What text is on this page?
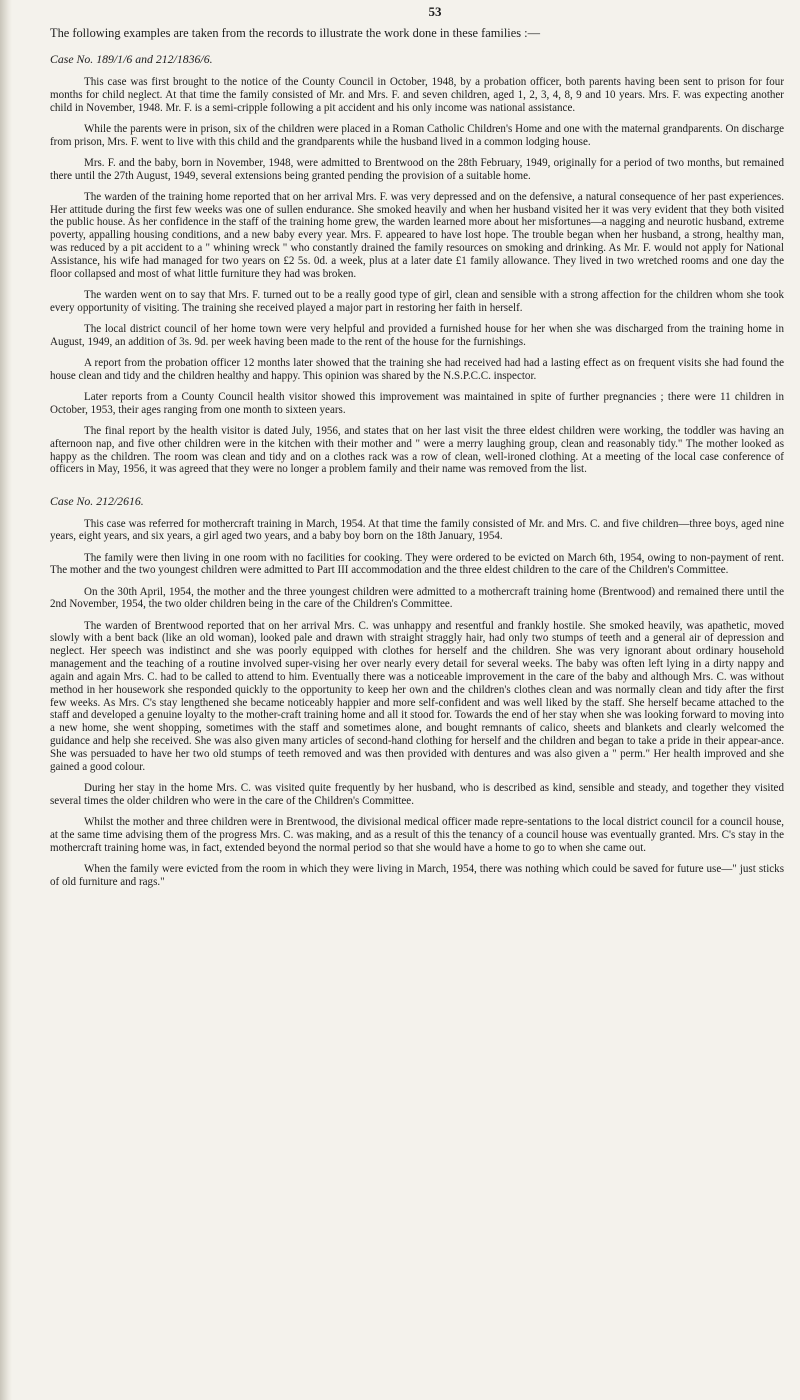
53

The following examples are taken from the records to illustrate the work done in these families :—

Case No. 189/1/6 and 212/1836/6.

This case was first brought to the notice of the County Council in October, 1948, by a probation officer, both parents having been sent to prison for four months for child neglect. At that time the family consisted of Mr. and Mrs. F. and seven children, aged 1, 2, 3, 4, 8, 9 and 10 years. Mrs. F. was expecting another child in November, 1948. Mr. F. is a semi-cripple following a pit accident and his only income was national assistance.

While the parents were in prison, six of the children were placed in a Roman Catholic Children's Home and one with the maternal grandparents. On discharge from prison, Mrs. F. went to live with this child and the grandparents while the husband lived in a common lodging house.

Mrs. F. and the baby, born in November, 1948, were admitted to Brentwood on the 28th February, 1949, originally for a period of two months, but remained there until the 27th August, 1949, several extensions being granted pending the provision of a suitable home.

The warden of the training home reported that on her arrival Mrs. F. was very depressed and on the defensive, a natural consequence of her past experiences. Her attitude during the first few weeks was one of sullen endurance. She smoked heavily and when her husband visited her it was very evident that they both visited the public house. As her confidence in the staff of the training home grew, the warden learned more about her misfortunes—a nagging and neurotic husband, extreme poverty, appalling housing conditions, and a new baby every year. Mrs. F. appeared to have lost hope. The trouble began when her husband, a strong, healthy man, was reduced by a pit accident to a " whining wreck " who constantly drained the family resources on smoking and drinking. As Mr. F. would not apply for National Assistance, his wife had managed for two years on £2 5s. 0d. a week, plus at a later date £1 family allowance. They lived in two wretched rooms and one day the floor collapsed and most of what little furniture they had was broken.

The warden went on to say that Mrs. F. turned out to be a really good type of girl, clean and sensible with a strong affection for the children whom she took every opportunity of visiting. The training she received played a major part in restoring her faith in herself.

The local district council of her home town were very helpful and provided a furnished house for her when she was discharged from the training home in August, 1949, an addition of 3s. 9d. per week having been made to the rent of the house for the furnishings.

A report from the probation officer 12 months later showed that the training she had received had had a lasting effect as on frequent visits she had found the house clean and tidy and the children healthy and happy. This opinion was shared by the N.S.P.C.C. inspector.

Later reports from a County Council health visitor showed this improvement was maintained in spite of further pregnancies ; there were 11 children in October, 1953, their ages ranging from one month to sixteen years.

The final report by the health visitor is dated July, 1956, and states that on her last visit the three eldest children were working, the toddler was having an afternoon nap, and five other children were in the kitchen with their mother and " were a merry laughing group, clean and reasonably tidy." The mother looked as happy as the children. The room was clean and tidy and on a clothes rack was a row of clean, well-ironed clothing. At a meeting of the local case conference of officers in May, 1956, it was agreed that they were no longer a problem family and their name was removed from the list.

Case No. 212/2616.

This case was referred for mothercraft training in March, 1954. At that time the family consisted of Mr. and Mrs. C. and five children—three boys, aged nine years, eight years, and six years, a girl aged two years, and a baby boy born on the 18th January, 1954.

The family were then living in one room with no facilities for cooking. They were ordered to be evicted on March 6th, 1954, owing to non-payment of rent. The mother and the two youngest children were admitted to Part III accommodation and the three eldest children to the care of the Children's Committee.

On the 30th April, 1954, the mother and the three youngest children were admitted to a mothercraft training home (Brentwood) and remained there until the 2nd November, 1954, the two older children being in the care of the Children's Committee.

The warden of Brentwood reported that on her arrival Mrs. C. was unhappy and resentful and frankly hostile. She smoked heavily, was apathetic, moved slowly with a bent back (like an old woman), looked pale and drawn with straight straggly hair, had only two stumps of teeth and a general air of depression and neglect. Her speech was indistinct and she was poorly equipped with clothes for herself and the children. She was very ignorant about ordinary household management and the teaching of a routine involved super-vising her over nearly every detail for several weeks. The baby was often left lying in a dirty nappy and again and again Mrs. C. had to be called to attend to him. Eventually there was a noticeable improvement in the care of the baby and although Mrs. C. was without method in her housework she responded quickly to the opportunity to keep her own and the children's clothes clean and was normally clean and tidy after the first few weeks. As Mrs. C's stay lengthened she became noticeably happier and more self-confident and was well liked by the staff. She herself became attached to the staff and developed a genuine loyalty to the mother-craft training home and all it stood for. Towards the end of her stay when she was looking forward to moving into a new home, she went shopping, sometimes with the staff and sometimes alone, and bought remnants of calico, sheets and blankets and clearly welcomed the guidance and help she received. She was also given many articles of second-hand clothing for herself and the children and began to take a pride in their appear-ance. She was persuaded to have her two old stumps of teeth removed and was then provided with dentures and was also given a " perm." Her health improved and she gained a good colour.

During her stay in the home Mrs. C. was visited quite frequently by her husband, who is described as kind, sensible and steady, and together they visited several times the older children who were in the care of the Children's Committee.

Whilst the mother and three children were in Brentwood, the divisional medical officer made repre-sentations to the local district council for a council house, at the same time advising them of the progress Mrs. C. was making, and as a result of this the tenancy of a council house was eventually granted. Mrs. C's stay in the mothercraft training home was, in fact, extended beyond the normal period so that she would have a home to go to when she came out.

When the family were evicted from the room in which they were living in March, 1954, there was nothing which could be saved for future use—" just sticks of old furniture and rags."
